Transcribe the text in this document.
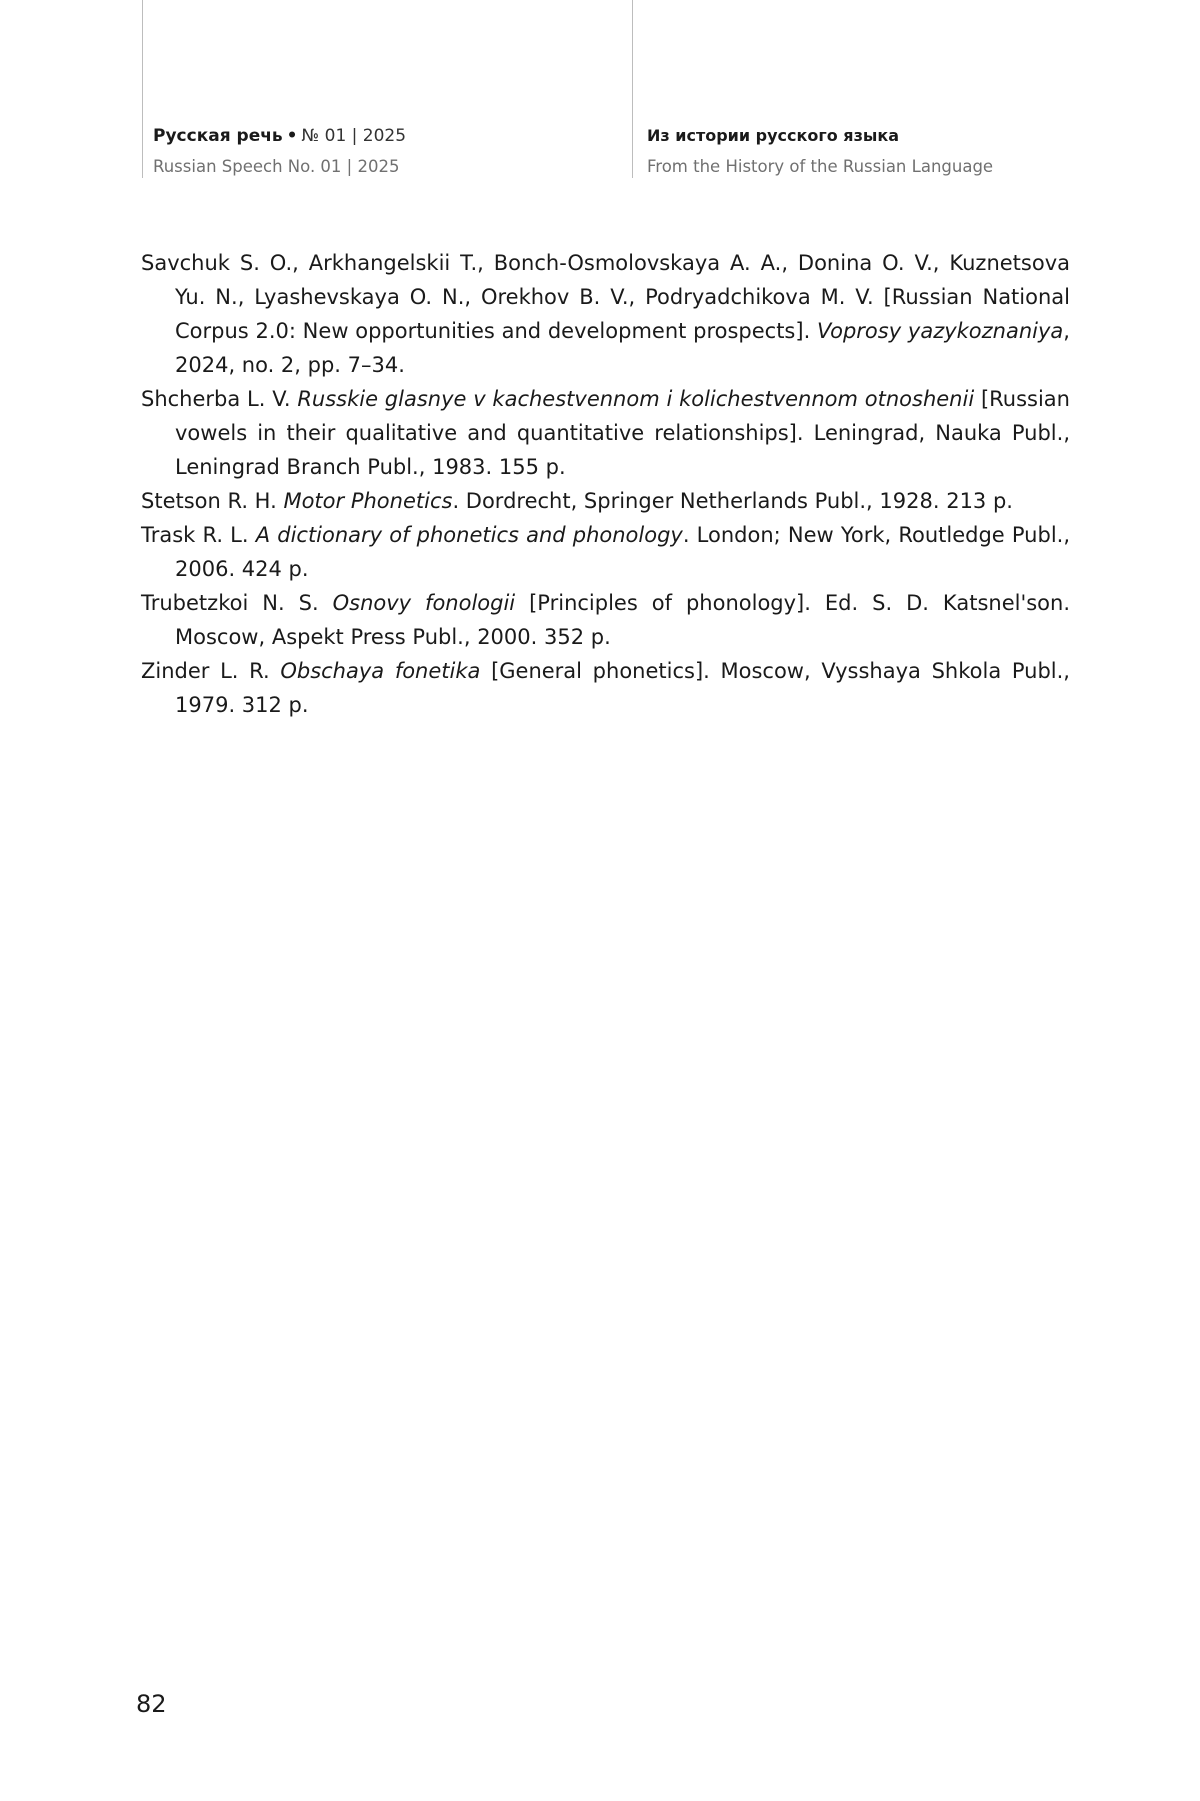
Русская речь • № 01 | 2025
Russian Speech No. 01 | 2025
Из истории русского языка
From the History of the Russian Language
Savchuk S. O., Arkhangelskii T., Bonch-Osmolovskaya A. A., Donina O. V., Kuznetsova Yu. N., Lyashevskaya O. N., Orekhov B. V., Podryadchikova M. V. [Russian National Corpus 2.0: New opportunities and development prospects]. Voprosy yazykoznaniya, 2024, no. 2, pp. 7–34.
Shcherba L. V. Russkie glasnye v kachestvennom i kolichestvennom otnoshenii [Russian vowels in their qualitative and quantitative relationships]. Leningrad, Nauka Publ., Leningrad Branch Publ., 1983. 155 p.
Stetson R. H. Motor Phonetics. Dordrecht, Springer Netherlands Publ., 1928. 213 p.
Trask R. L. A dictionary of phonetics and phonology. London; New York, Routledge Publ., 2006. 424 p.
Trubetzkoi N. S. Osnovy fonologii [Principles of phonology]. Ed. S. D. Katsnel'son. Moscow, Aspekt Press Publ., 2000. 352 p.
Zinder L. R. Obschaya fonetika [General phonetics]. Moscow, Vysshaya Shkola Publ., 1979. 312 p.
82
